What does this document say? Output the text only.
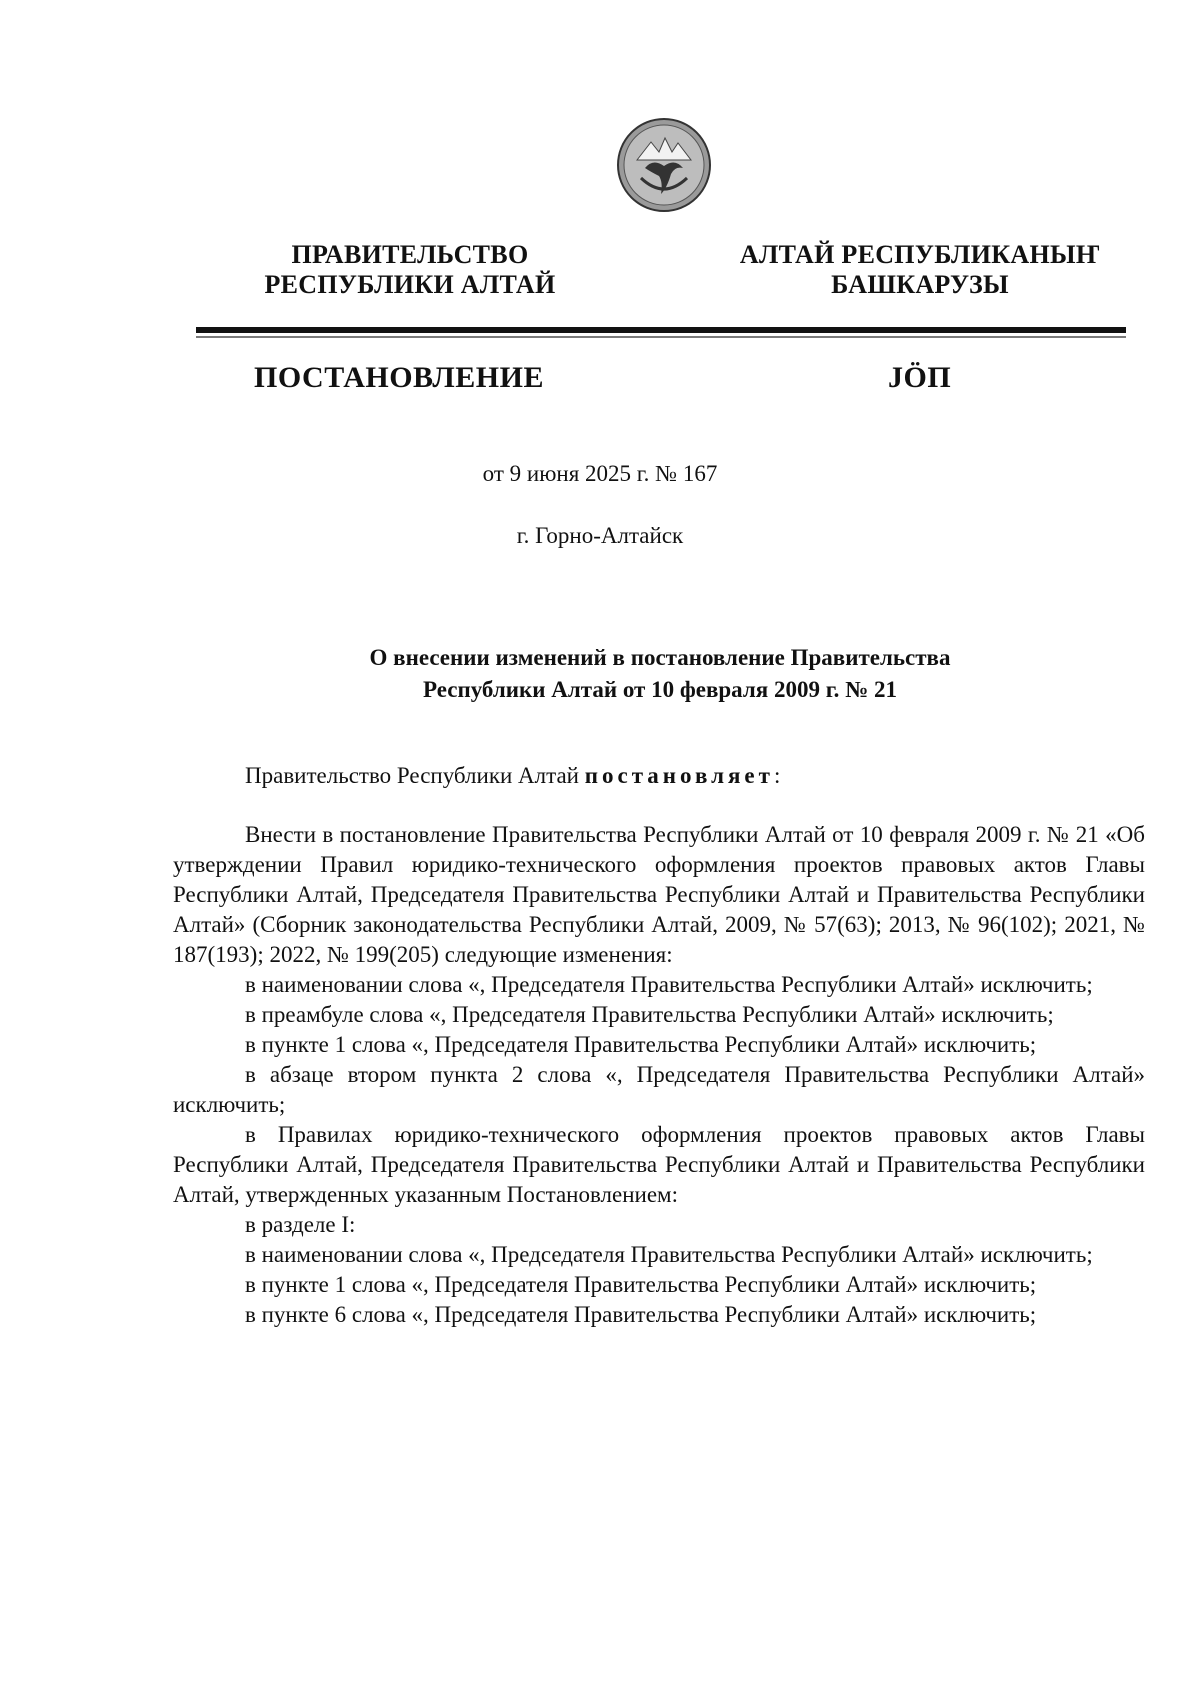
ПРАВИТЕЛЬСТВО
РЕСПУБЛИКИ АЛТАЙ
АЛТАЙ РЕСПУБЛИКАНЫҤ
БАШКАРУЗЫ
ПОСТАНОВЛЕНИЕ	JÖП
от 9 июня 2025 г. № 167
г. Горно-Алтайск
О внесении изменений в постановление Правительства
Республики Алтай от 10 февраля 2009 г. № 21
Правительство Республики Алтай постановляет:

Внести в постановление Правительства Республики Алтай от 10 февраля 2009 г. № 21 «Об утверждении Правил юридико-технического оформления проектов правовых актов Главы Республики Алтай, Председателя Правительства Республики Алтай и Правительства Республики Алтай» (Сборник законодательства Республики Алтай, 2009, № 57(63); 2013, № 96(102); 2021, № 187(193); 2022, № 199(205) следующие изменения:

в наименовании слова «, Председателя Правительства Республики Алтай» исключить;

в преамбуле слова «, Председателя Правительства Республики Алтай» исключить;

в пункте 1 слова «, Председателя Правительства Республики Алтай» исключить;

в абзаце втором пункта 2 слова «, Председателя Правительства Республики Алтай» исключить;

в Правилах юридико-технического оформления проектов правовых актов Главы Республики Алтай, Председателя Правительства Республики Алтай и Правительства Республики Алтай, утвержденных указанным Постановлением:

в разделе I:

в наименовании слова «, Председателя Правительства Республики Алтай» исключить;

в пункте 1 слова «, Председателя Правительства Республики Алтай» исключить;

в пункте 6 слова «, Председателя Правительства Республики Алтай» исключить;
